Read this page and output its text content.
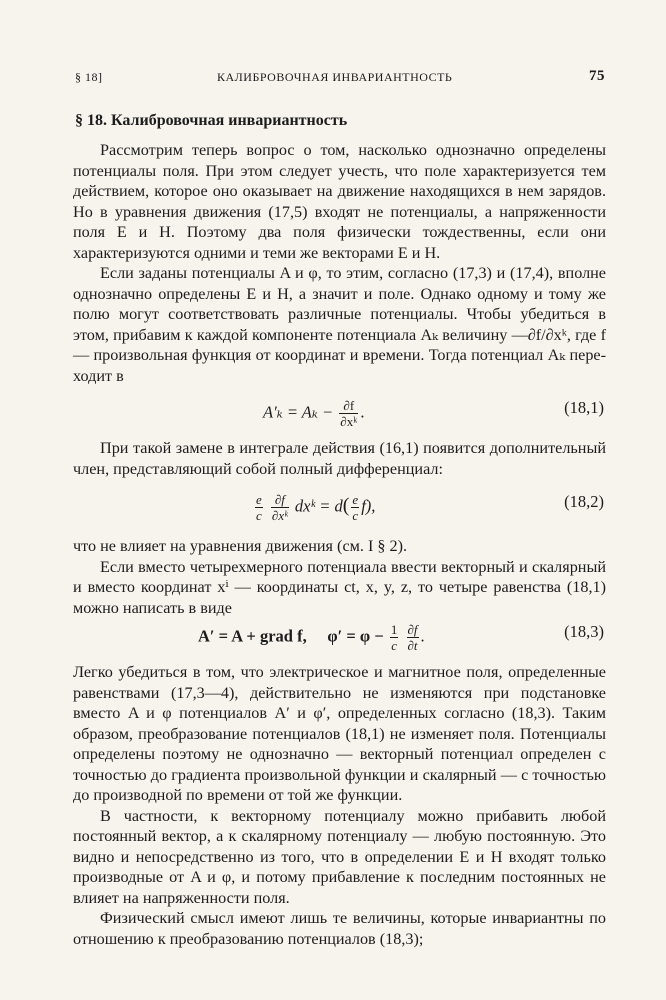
§ 18]	КАЛИБРОВОЧНАЯ ИНВАРИАНТНОСТЬ	75
§ 18. Калибровочная инвариантность

Рассмотрим теперь вопрос о том, насколько однозначно определены потенциалы поля. При этом следует учесть, что поле характеризуется тем действием, которое оно оказывает на движение находящихся в нем зарядов. Но в уравнения движения (17,5) входят не потенциалы, а напряженности поля E и H. Поэтому два поля физически тождественны, если они характеризуются одними и теми же векторами E и H.

Если заданы потенциалы A и φ, то этим, согласно (17,3) и (17,4), вполне однозначно определены E и H, а значит и поле. Однако одному и тому же полю могут соответствовать различные потенциалы. Чтобы убедиться в этом, прибавим к каждой компоненте потенциала Aₖ величину —∂f/∂xᵏ, где f — произвольная функция от координат и времени. Тогда потенциал Aₖ переходит в

$A'_k = A_k - \frac{\partial f}{\text{∂xᵏ}}$ .	(18,1)

При такой замене в интеграле действия (16,1) появится дополнительный член, представляющий собой полный дифференциал:

$\frac{e}{c}$
$\frac{\partial f}{\text{∂xᵏ}}$ dxᵏ = $d( \frac{e}{c} f)$,	(18,2)

что не влияет на уравнения движения (см. I § 2).

Если вместо четырехмерного потенциала ввести векторный и скалярный и вместо координат xⁱ — координаты ct, x, y, z, то четыре равенства (18,1) можно написать в виде

A′ = A + grad f,     $\varphi' = \varphi - \frac{1}{c}$
$\frac{\partial f}{\partial t}$ .	(18,3)

Легко убедиться в том, что электрическое и магнитное поля, определенные равенствами (17,3—4), действительно не изменяются при подстановке вместо A и φ потенциалов A′ и φ′, определенных согласно (18,3). Таким образом, преобразование потенциалов (18,1) не изменяет поля. Потенциалы определены поэтому не однозначно — векторный потенциал определен с точностью до градиента произвольной функции и скалярный — с точностью до производной по времени от той же функции.

В частности, к векторному потенциалу можно прибавить любой постоянный вектор, а к скалярному потенциалу — любую постоянную. Это видно и непосредственно из того, что в определении E и H входят только производные от A и φ, и потому прибавление к последним постоянных не влияет на напряженности поля.

Физический смысл имеют лишь те величины, которые инвариантны по отношению к преобразованию потенциалов (18,3);
